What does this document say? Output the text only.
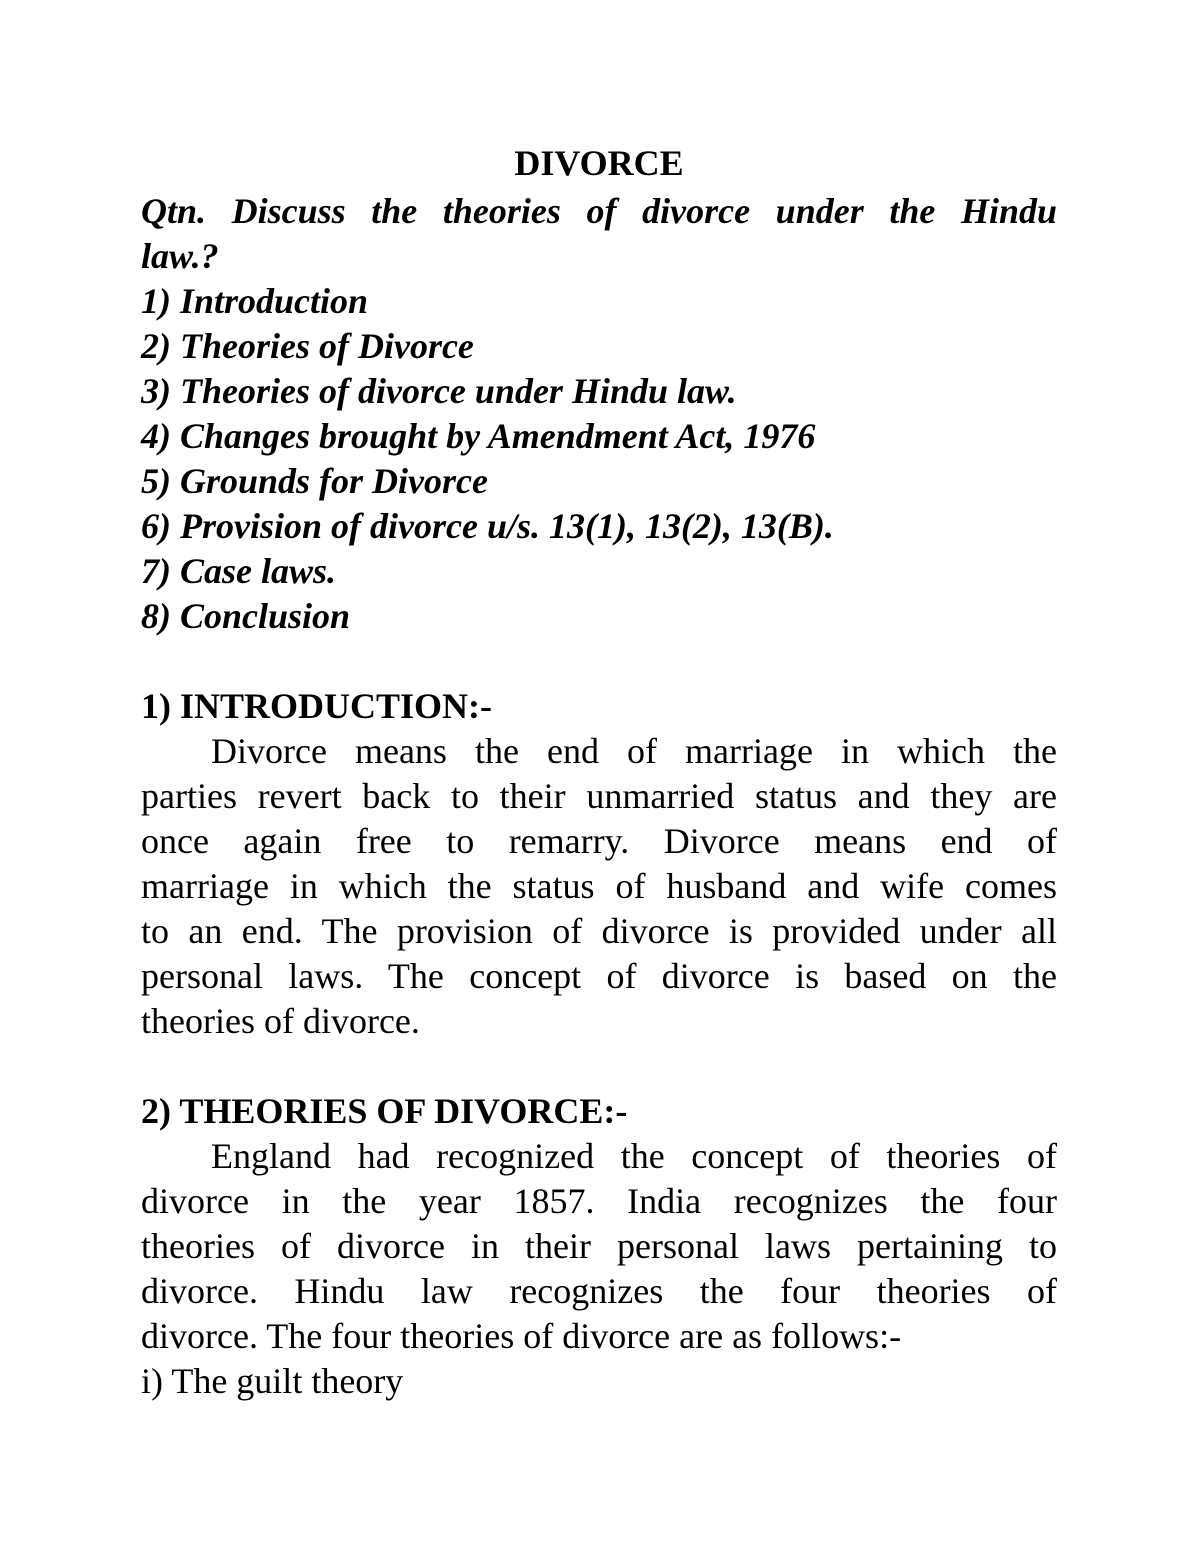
DIVORCE
Qtn. Discuss the theories of divorce under the Hindu
law.?
1) Introduction
2) Theories of Divorce
3) Theories of divorce under Hindu law.
4) Changes brought by Amendment Act, 1976
5) Grounds for Divorce
6) Provision of divorce u/s. 13(1), 13(2), 13(B).
7) Case laws.
8) Conclusion
1) INTRODUCTION:-
Divorce means the end of marriage in which the
parties revert back to their unmarried status and they are
once again free to remarry. Divorce means end of
marriage in which the status of husband and wife comes
to an end. The provision of divorce is provided under all
personal laws. The concept of divorce is based on the
theories of divorce.
2) THEORIES OF DIVORCE:-
England had recognized the concept of theories of
divorce in the year 1857. India recognizes the four
theories of divorce in their personal laws pertaining to
divorce. Hindu law recognizes the four theories of
divorce. The four theories of divorce are as follows:-
i) The guilt theory
